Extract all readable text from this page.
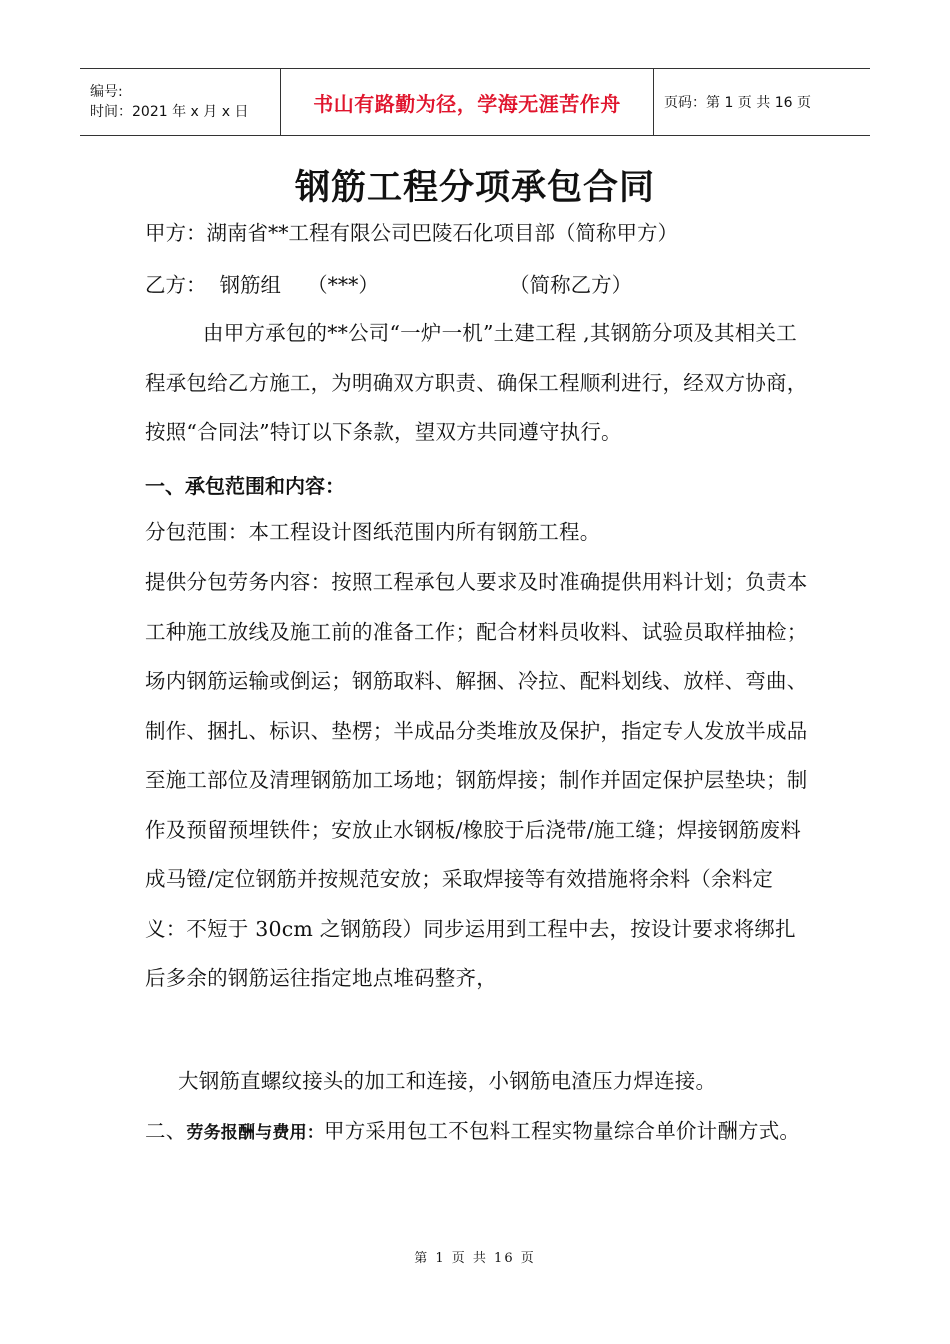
编号:
时间：2021 年 x 月 x 日	书山有路勤为径，学海无涯苦作舟	页码：第 1 页 共 16 页
钢筋工程分项承包合同
甲方：湖南省**工程有限公司巴陵石化项目部（简称甲方）
乙方：  钢筋组    （***）                    （简称乙方）
由甲方承包的**公司“一炉一机”土建工程 ,其钢筋分项及其相关工程承包给乙方施工，为明确双方职责、确保工程顺利进行，经双方协商，按照“合同法”特订以下条款，望双方共同遵守执行。
一、承包范围和内容：
分包范围：本工程设计图纸范围内所有钢筋工程。
提供分包劳务内容：按照工程承包人要求及时准确提供用料计划；负责本工种施工放线及施工前的准备工作；配合材料员收料、试验员取样抽检；场内钢筋运输或倒运；钢筋取料、解捆、冷拉、配料划线、放样、弯曲、制作、捆扎、标识、垫楞；半成品分类堆放及保护，指定专人发放半成品至施工部位及清理钢筋加工场地；钢筋焊接；制作并固定保护层垫块；制作及预留预埋铁件；安放止水钢板/橡胶于后浇带/施工缝；焊接钢筋废料成马镫/定位钢筋并按规范安放；采取焊接等有效措施将余料（余料定义：不短于 30cm 之钢筋段）同步运用到工程中去，按设计要求将绑扎后多余的钢筋运往指定地点堆码整齐，
大钢筋直螺纹接头的加工和连接，小钢筋电渣压力焊连接。
二、劳务报酬与费用：甲方采用包工不包料工程实物量综合单价计酬方式。
第 1 页 共 16 页
